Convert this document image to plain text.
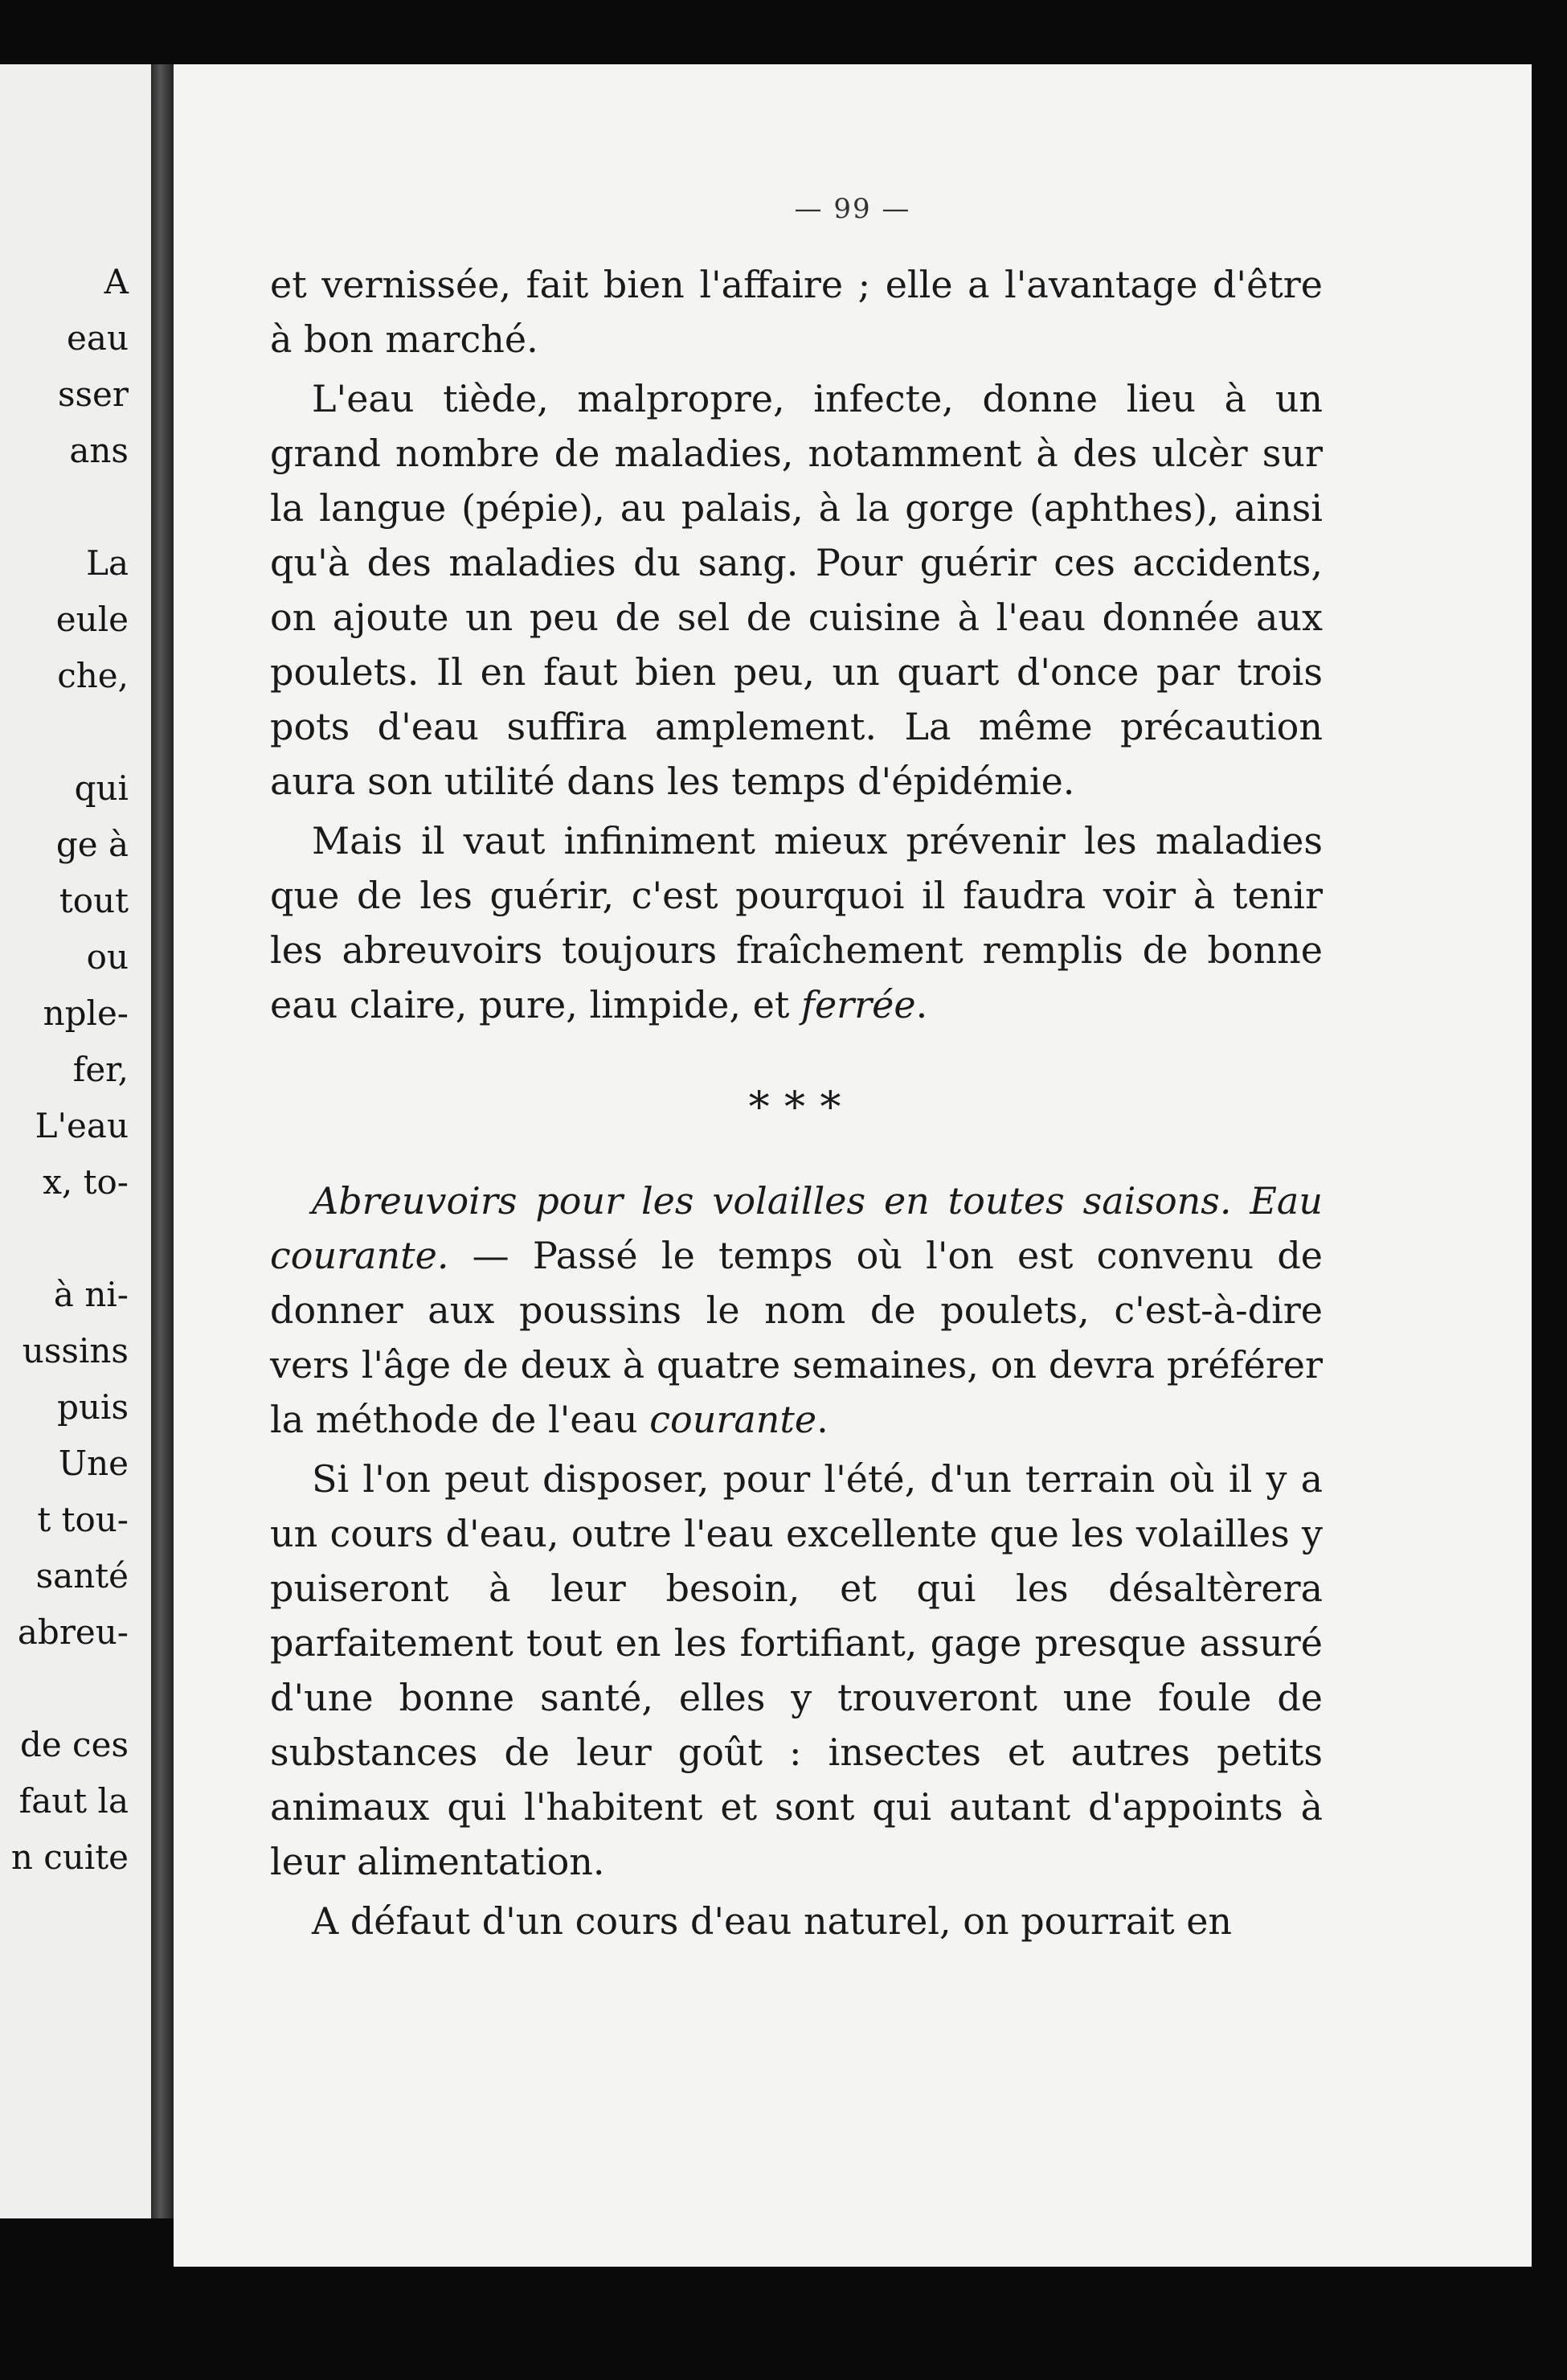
A
eau
sser
ans
La
eule
che,
qui
ge à
tout
ou
nple-
fer,
L'eau
x, to-
à ni-
ussins
puis
Une
t tou-
santé
abreu-
de ces
faut la
n cuite
— 99 —

et vernissée, fait bien l'affaire ; elle a l'avantage d'être à bon marché.

L'eau tiède, malpropre, infecte, donne lieu à un grand nombre de maladies, notamment à des ulcèr sur la langue (pépie), au palais, à la gorge (aphthes), ainsi qu'à des maladies du sang. Pour guérir ces accidents, on ajoute un peu de sel de cuisine à l'eau donnée aux poulets. Il en faut bien peu, un quart d'once par trois pots d'eau suffira amplement. La même précaution aura son utilité dans les temps d'épidémie.

Mais il vaut infiniment mieux prévenir les maladies que de les guérir, c'est pourquoi il faudra voir à tenir les abreuvoirs toujours fraîchement remplis de bonne eau claire, pure, limpide, et ferrée.

* * *

Abreuvoirs pour les volailles en toutes saisons. Eau courante. — Passé le temps où l'on est convenu de donner aux poussins le nom de poulets, c'est-à-dire vers l'âge de deux à quatre semaines, on devra préférer la méthode de l'eau courante.

Si l'on peut disposer, pour l'été, d'un terrain où il y a un cours d'eau, outre l'eau excellente que les volailles y puiseront à leur besoin, et qui les désaltèrera parfaitement tout en les fortifiant, gage presque assuré d'une bonne santé, elles y trouveront une foule de substances de leur goût : insectes et autres petits animaux qui l'habitent et sont qui autant d'appoints à leur alimentation.

A défaut d'un cours d'eau naturel, on pourrait en
